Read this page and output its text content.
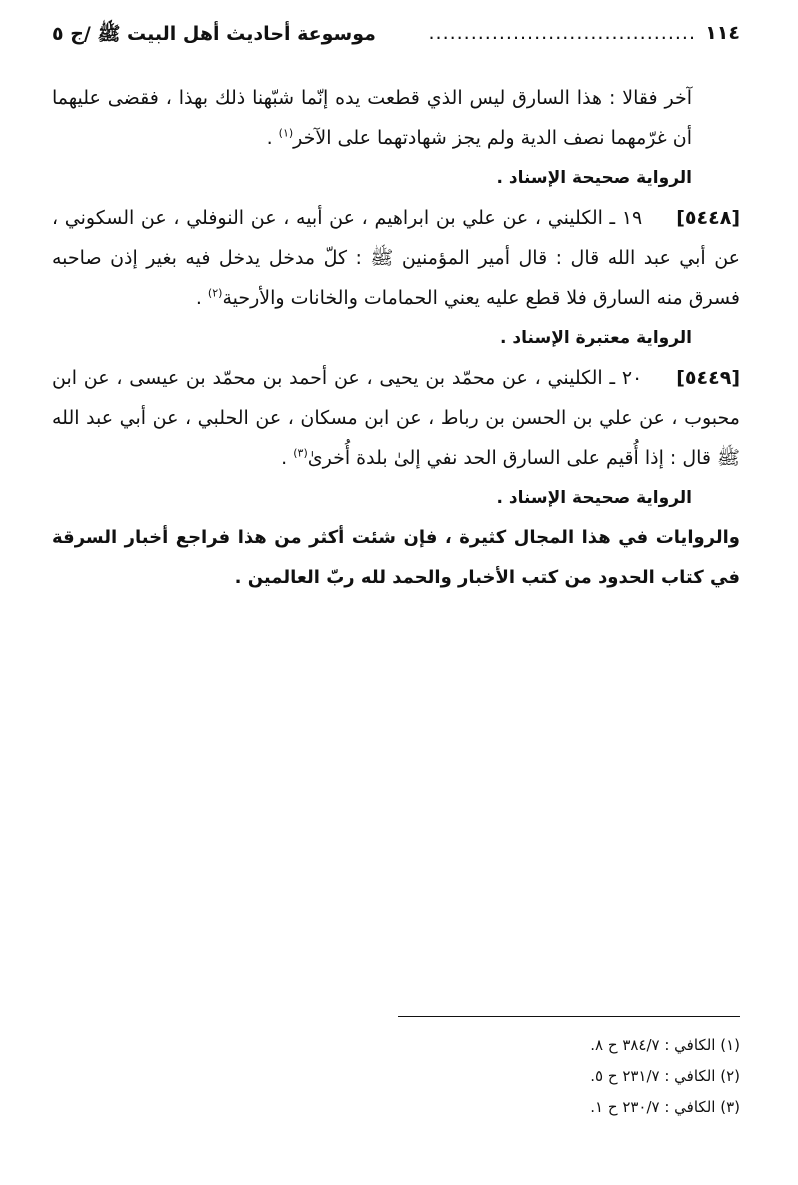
١١٤
......................................
موسوعة أحاديث أهل البيت ﷺ /ج ٥

آخر فقالا : هذا السارق ليس الذي قطعت يده إنّما شبّهنا ذلك بهذا ، فقضى عليهما أن غرّمهما نصف الدية ولم يجز شهادتهما على الآخر$^{(١)}$ .

الرواية صحيحة الإسناد .

[٥٤٤٨]١٩ ـ الكليني ، عن علي بن ابراهيم ، عن أبيه ، عن النوفلي ، عن السكوني ، عن أبي عبد الله قال : قال أمير المؤمنين ﷺ : كلّ مدخل يدخل فيه بغير إذن صاحبه فسرق منه السارق فلا قطع عليه يعني الحمامات والخانات والأرحية$^{(٢)}$ .

الرواية معتبرة الإسناد .

[٥٤٤٩]٢٠ ـ الكليني ، عن محمّد بن يحيى ، عن أحمد بن محمّد بن عيسى ، عن ابن محبوب ، عن علي بن الحسن بن رباط ، عن ابن مسكان ، عن الحلبي ، عن أبي عبد الله ﷺ قال : إذا أُقيم على السارق الحد نفي إلىٰ بلدة أُخرىٰ$^{(٣)}$ .

الرواية صحيحة الإسناد .

والروايات في هذا المجال كثيرة ، فإن شئت أكثر من هذا فراجع أخبار السرقة في كتاب الحدود من كتب الأخبار والحمد لله ربّ العالمين .

(١) الكافي : ٣٨٤/٧ ح ٨.
(٢) الكافي : ٢٣١/٧ ح ٥.
(٣) الكافي : ٢٣٠/٧ ح ١.
